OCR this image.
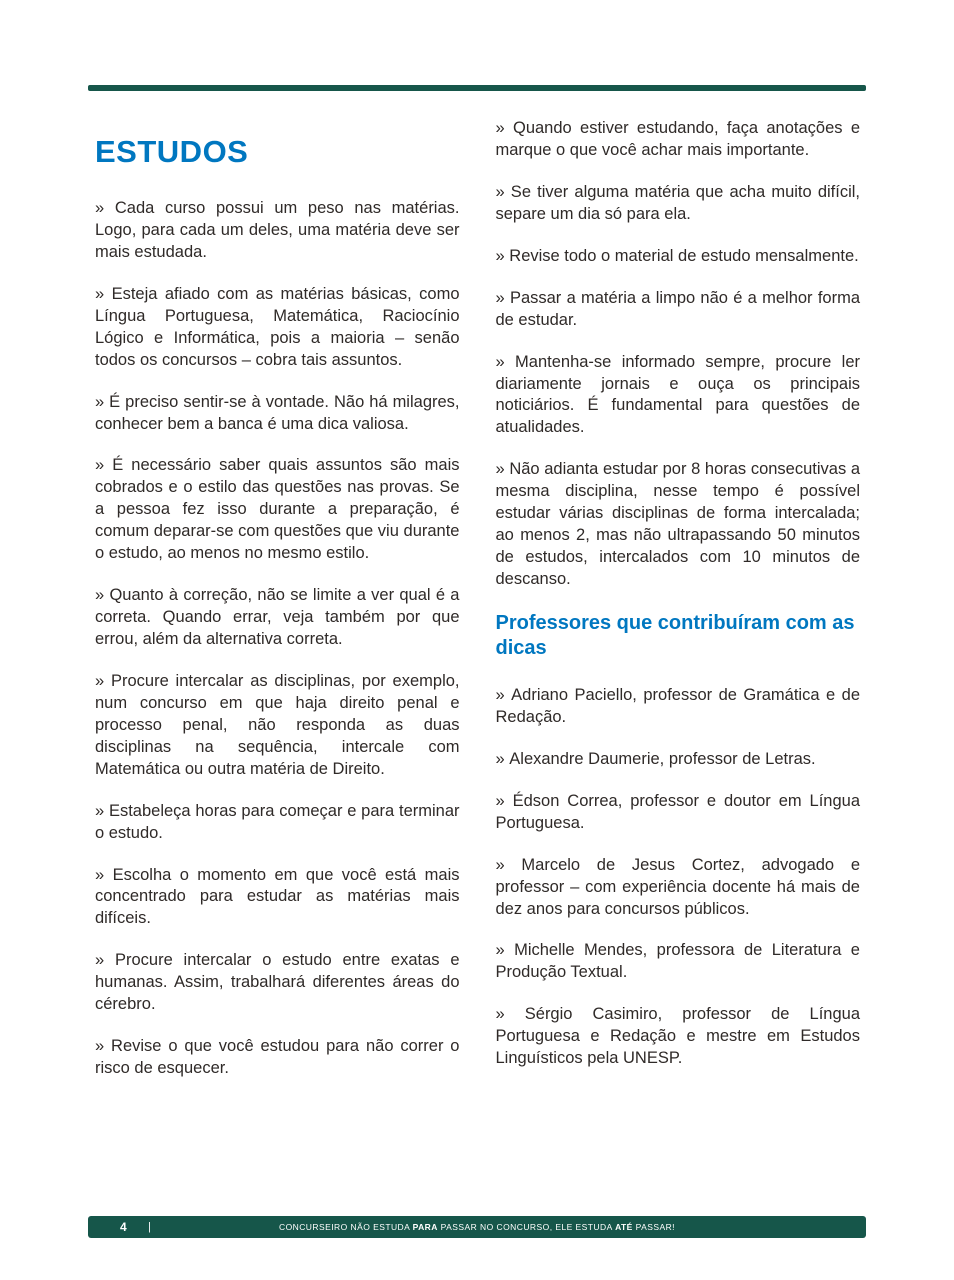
ESTUDOS

» Cada curso possui um peso nas matérias. Logo, para cada um deles, uma matéria deve ser mais estudada.

» Esteja afiado com as matérias básicas, como Língua Portuguesa, Matemática, Raciocínio Lógico e Informática, pois a maioria – senão todos os concursos – cobra tais assuntos.

» É preciso sentir-se à vontade. Não há milagres, conhecer bem a banca é uma dica valiosa.

» É necessário saber quais assuntos são mais cobrados e o estilo das questões nas provas. Se a pessoa fez isso durante a preparação, é comum deparar-se com questões que viu durante o estudo, ao menos no mesmo estilo.

» Quanto à correção, não se limite a ver qual é a correta. Quando errar, veja também por que errou, além da alternativa correta.

» Procure intercalar as disciplinas, por exemplo, num concurso em que haja direito penal e processo penal, não responda as duas disciplinas na sequência, intercale com Matemática ou outra matéria de Direito.

» Estabeleça horas para começar e para terminar o estudo.

» Escolha o momento em que você está mais concentrado para estudar as matérias mais difíceis.

» Procure intercalar o estudo entre exatas e humanas. Assim, trabalhará diferentes áreas do cérebro.

» Revise o que você estudou para não correr o risco de esquecer.

» Quando estiver estudando, faça anotações e marque o que você achar mais importante.

» Se tiver alguma matéria que acha muito difícil, separe um dia só para ela.

» Revise todo o material de estudo mensalmente.

» Passar a matéria a limpo não é a melhor forma de estudar.

» Mantenha-se informado sempre, procure ler diariamente jornais e ouça os principais noticiários. É fundamental para questões de atualidades.

» Não adianta estudar por 8 horas consecutivas a mesma disciplina, nesse tempo é possível estudar várias disciplinas de forma intercalada; ao menos 2, mas não ultrapassando 50 minutos de estudos, intercalados com 10 minutos de descanso.

Professores que contribuíram com as dicas

» Adriano Paciello, professor de Gramática e de Redação.

» Alexandre Daumerie, professor de Letras.

» Édson Correa, professor e doutor em Língua Portuguesa.

» Marcelo de Jesus Cortez, advogado e professor – com experiência docente há mais de dez anos para concursos públicos.

» Michelle Mendes, professora de Literatura e Produção Textual.

» Sérgio Casimiro, professor de Língua Portuguesa e Redação e mestre em Estudos Linguísticos pela UNESP.

4 |	CONCURSEIRO NÃO ESTUDA PARA PASSAR NO CONCURSO, ELE ESTUDA ATÉ PASSAR!
